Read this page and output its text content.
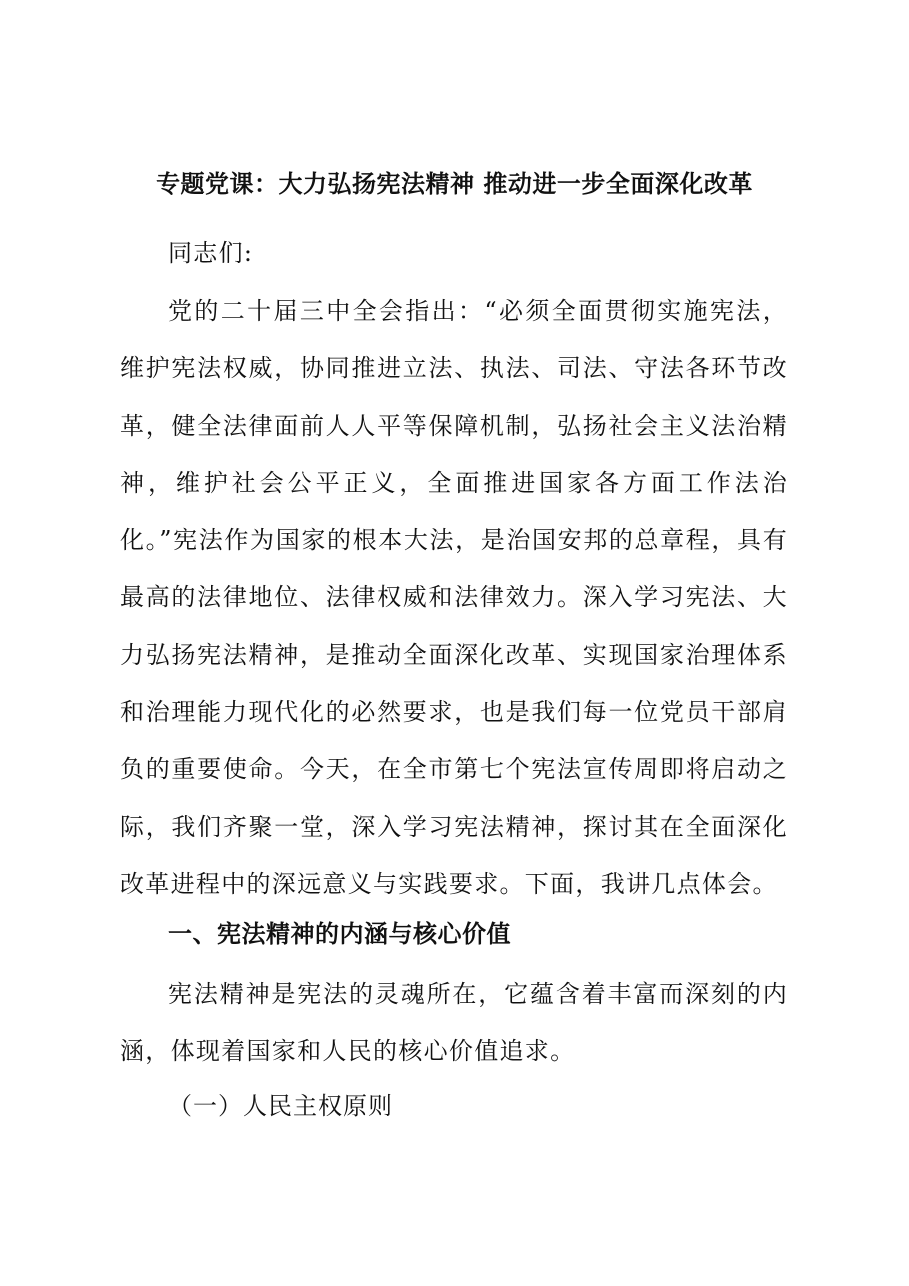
专题党课：大力弘扬宪法精神 推动进一步全面深化改革
同志们:
党的二十届三中全会指出：“必须全面贯彻实施宪法，维护宪法权威，协同推进立法、执法、司法、守法各环节改革，健全法律面前人人平等保障机制，弘扬社会主义法治精神，维护社会公平正义，全面推进国家各方面工作法治化。”宪法作为国家的根本大法，是治国安邦的总章程，具有最高的法律地位、法律权威和法律效力。深入学习宪法、大力弘扬宪法精神，是推动全面深化改革、实现国家治理体系和治理能力现代化的必然要求，也是我们每一位党员干部肩负的重要使命。今天，在全市第七个宪法宣传周即将启动之际，我们齐聚一堂，深入学习宪法精神，探讨其在全面深化改革进程中的深远意义与实践要求。下面，我讲几点体会。
一、宪法精神的内涵与核心价值
宪法精神是宪法的灵魂所在，它蕴含着丰富而深刻的内涵，体现着国家和人民的核心价值追求。
（一）人民主权原则
